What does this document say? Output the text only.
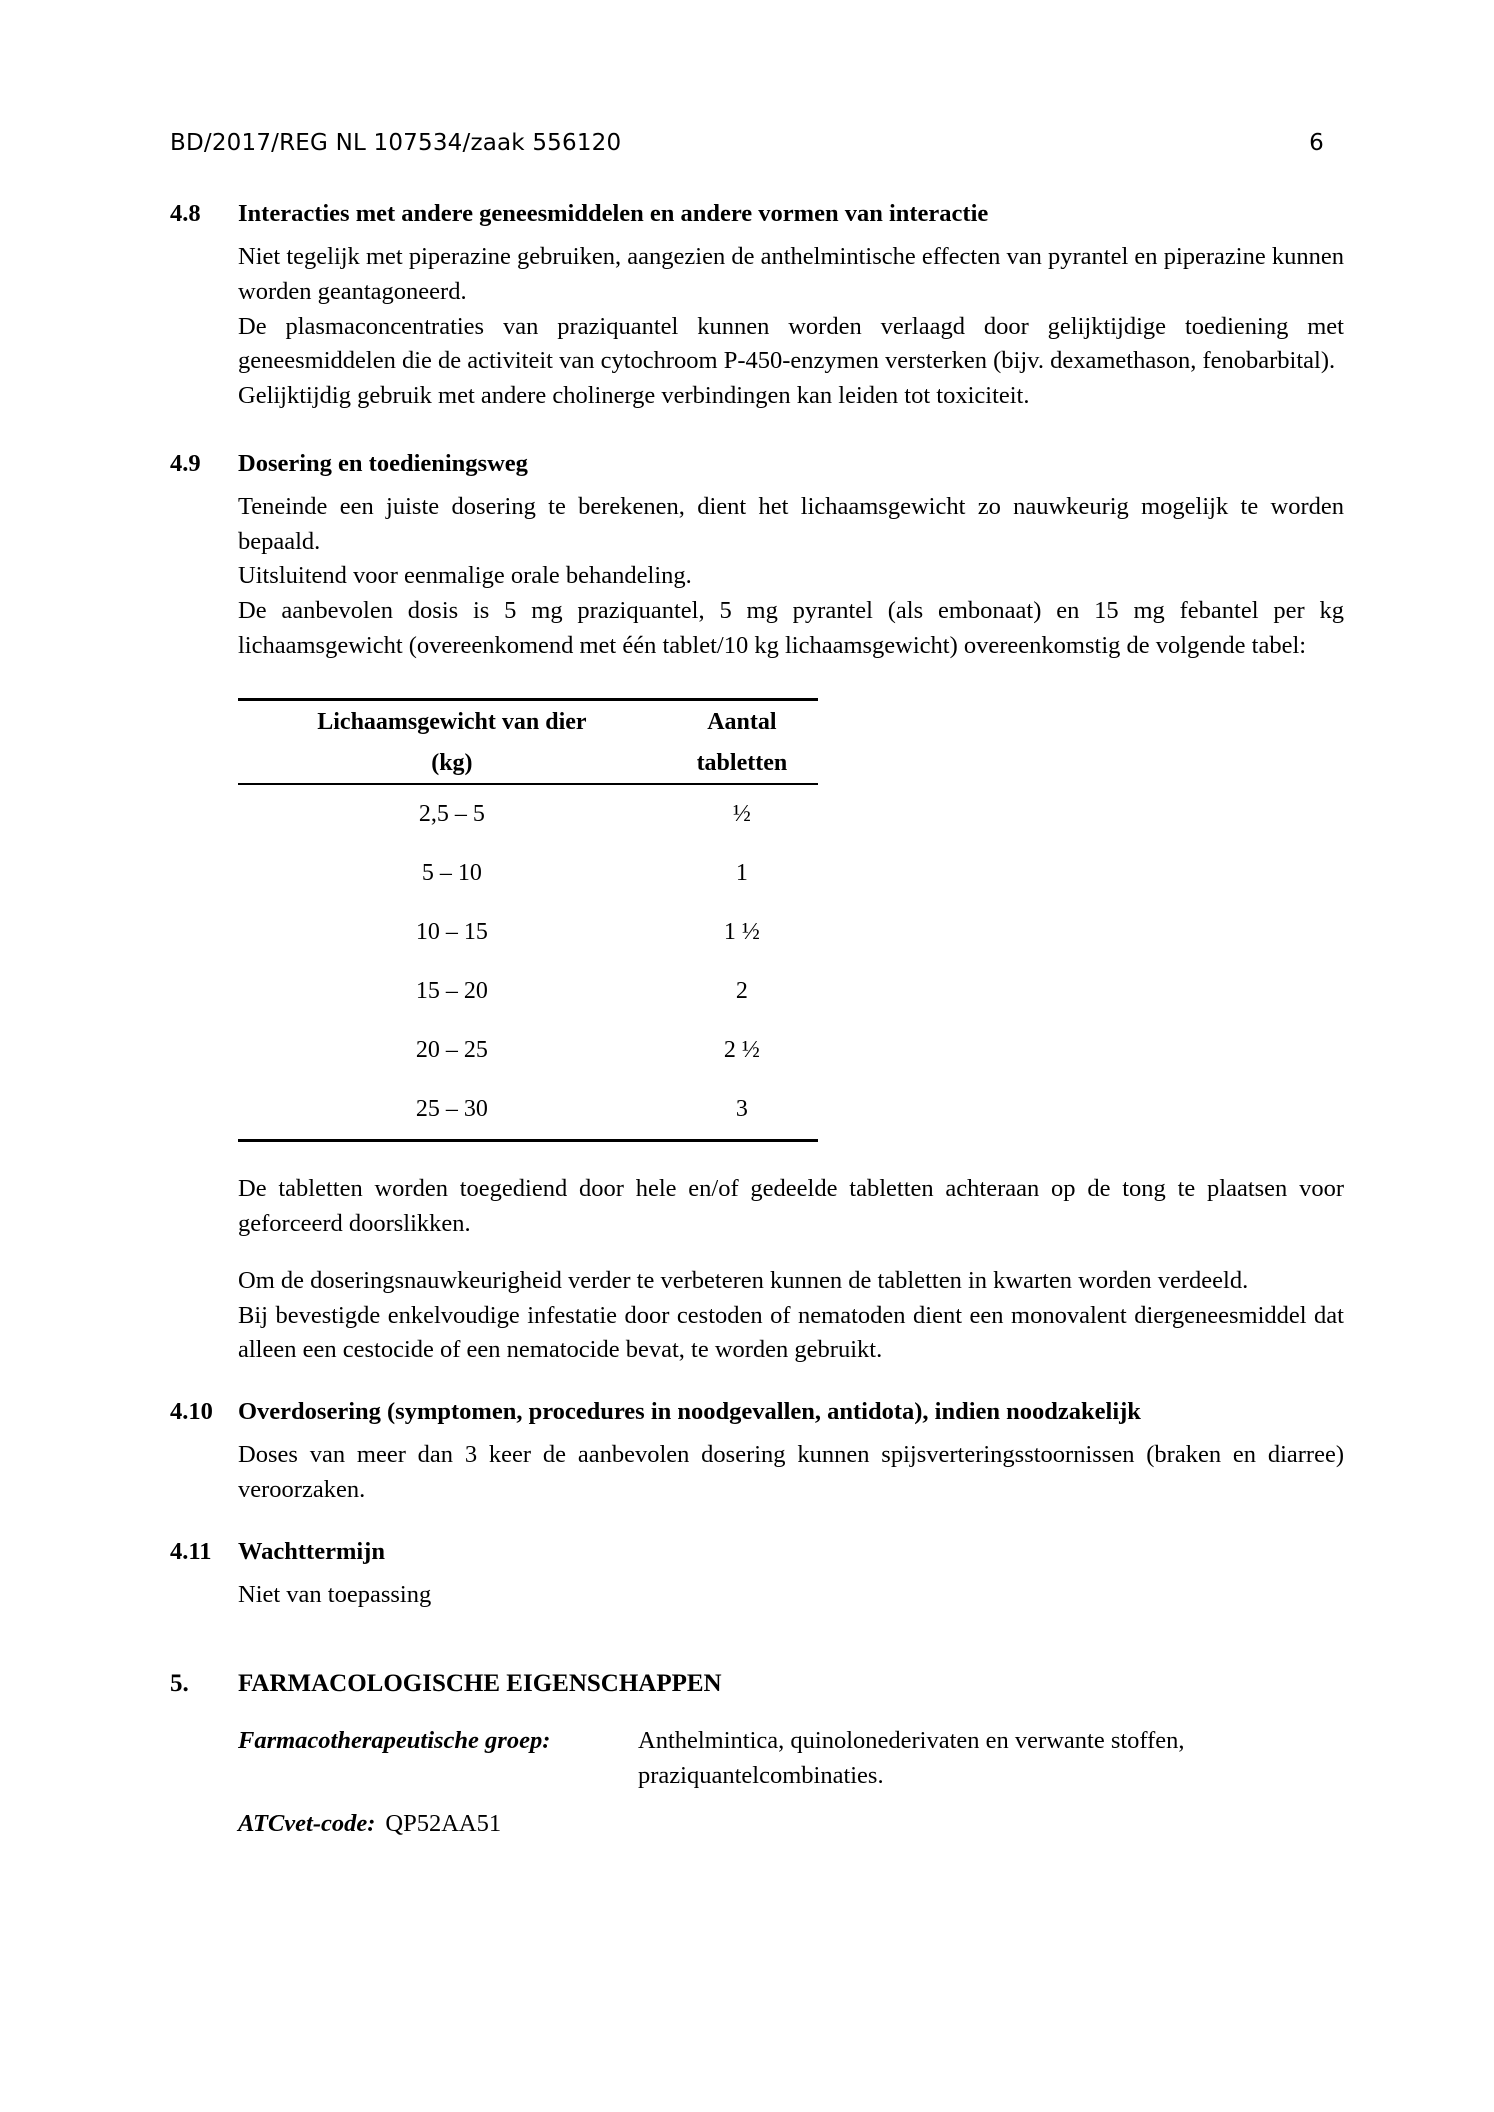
BD/2017/REG NL 107534/zaak 556120	6
4.8	Interacties met andere geneesmiddelen en andere vormen van interactie

Niet tegelijk met piperazine gebruiken, aangezien de anthelmintische effecten van pyrantel en piperazine kunnen worden geantagoneerd.

De plasmaconcentraties van praziquantel kunnen worden verlaagd door gelijktijdige toediening met geneesmiddelen die de activiteit van cytochroom P-450-enzymen versterken (bijv. dexamethason, fenobarbital).

Gelijktijdig gebruik met andere cholinerge verbindingen kan leiden tot toxiciteit.

4.9	Dosering en toedieningsweg

Teneinde een juiste dosering te berekenen, dient het lichaamsgewicht zo nauwkeurig mogelijk te worden bepaald.

Uitsluitend voor eenmalige orale behandeling.

De aanbevolen dosis is 5 mg praziquantel, 5 mg pyrantel (als embonaat) en 15 mg febantel per kg lichaamsgewicht (overeenkomend met één tablet/10 kg lichaamsgewicht) overeenkomstig de volgende tabel:

Lichaamsgewicht van dier	Aantal
(kg)	tabletten
2,5 – 5	½
5 – 10	1
10 – 15	1 ½
15 – 20	2
20 – 25	2 ½
25 – 30	3

De tabletten worden toegediend door hele en/of gedeelde tabletten achteraan op de tong te plaatsen voor geforceerd doorslikken.

Om de doseringsnauwkeurigheid verder te verbeteren kunnen de tabletten in kwarten worden verdeeld.

Bij bevestigde enkelvoudige infestatie door cestoden of nematoden dient een monovalent diergeneesmiddel dat alleen een cestocide of een nematocide bevat, te worden gebruikt.

4.10	Overdosering (symptomen, procedures in noodgevallen, antidota), indien noodzakelijk

Doses van meer dan 3 keer de aanbevolen dosering kunnen spijsverteringsstoornissen (braken en diarree) veroorzaken.

4.11	Wachttermijn

Niet van toepassing

5.	FARMACOLOGISCHE EIGENSCHAPPEN
Farmacotherapeutische groep:	Anthelmintica, quinolonederivaten en verwante stoffen,
praziquantelcombinaties.
ATCvet-code: QP52AA51
